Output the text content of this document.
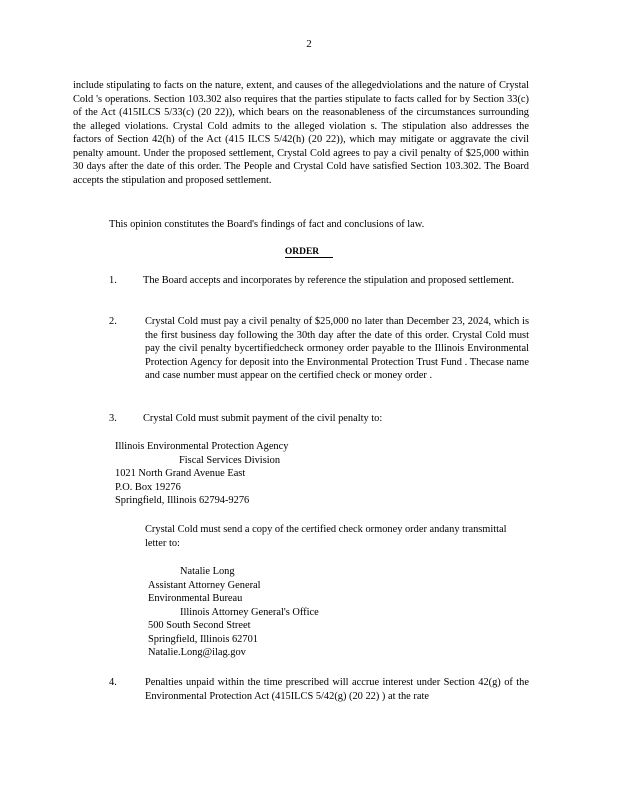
2
include stipulating to facts on the nature, extent, and causes of the allegedviolations and the nature of Crystal Cold 's operations. Section 103.302 also requires that the parties stipulate to facts called for by Section 33(c) of the Act (415ILCS 5/33(c) (20 22)), which bears on the reasonableness of the circumstances surrounding the alleged violations. Crystal Cold admits to the alleged violation s. The stipulation also addresses the factors of Section 42(h) of the Act (415 ILCS 5/42(h) (20 22)), which may mitigate or aggravate the civil penalty amount. Under the proposed settlement, Crystal Cold agrees to pay a civil penalty of $25,000 within 30 days after the date of this order. The People and Crystal Cold have satisfied Section 103.302. The Board accepts the stipulation and proposed settlement.
This opinion constitutes the Board's findings of fact and conclusions of law.
ORDER
1.	The Board accepts and incorporates by reference the stipulation and proposed settlement.
2.	Crystal Cold must pay a civil penalty of $25,000 no later than December 23, 2024, which is the first business day following the 30th day after the date of this order. Crystal Cold must pay the civil penalty bycertifiedcheck ormoney order payable to the Illinois Environmental Protection Agency for deposit into the Environmental Protection Trust Fund . Thecase name and case number must appear on the certified check or money order .
3.	Crystal Cold must submit payment of the civil penalty to:
Illinois Environmental Protection Agency
Fiscal Services Division
1021 North Grand Avenue East
P.O. Box 19276
Springfield, Illinois 62794-9276
Crystal Cold must send a copy of the certified check ormoney order andany transmittal letter to:
Natalie Long
Assistant Attorney General
Environmental Bureau
Illinois Attorney General's Office
500 South Second Street
Springfield, Illinois 62701
Natalie.Long@ilag.gov
4.	Penalties unpaid within the time prescribed will accrue interest under Section 42(g) of the Environmental Protection Act (415ILCS 5/42(g) (20 22) ) at the rate
